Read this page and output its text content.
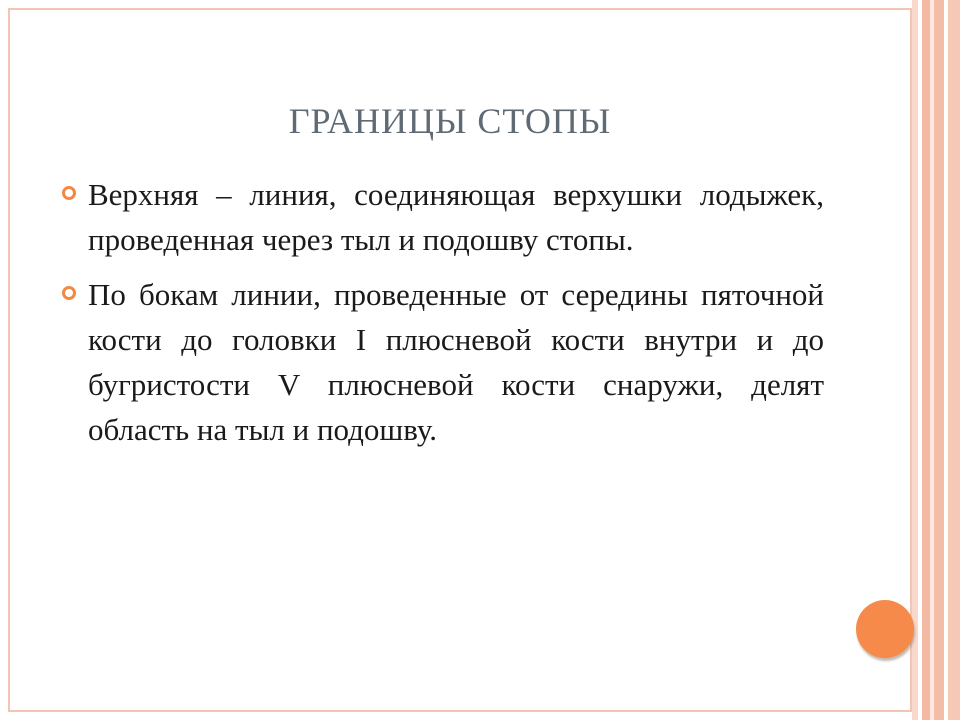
ГРАНИЦЫ СТОПЫ

Верхняя – линия, соединяющая верхушки лодыжек, проведенная через тыл и подошву стопы.

По бокам линии, проведенные от середины пяточной кости до головки I плюсневой кости внутри и до бугристости V плюсневой кости снаружи, делят область на тыл и подошву.
